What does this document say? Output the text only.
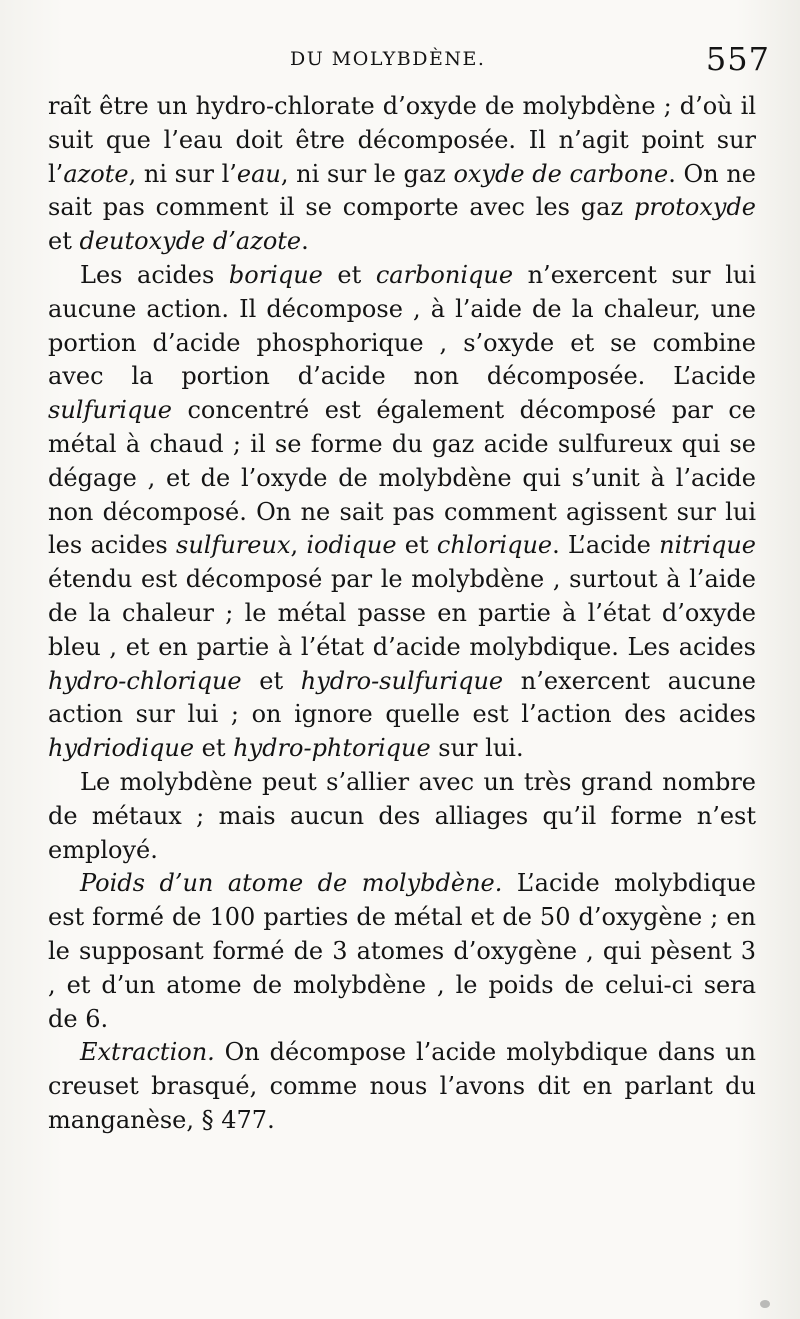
DU MOLYBDÈNE.	557

raît être un hydro-chlorate d’oxyde de molybdène ; d’où il suit que l’eau doit être décomposée. Il n’agit point sur l’azote, ni sur l’eau, ni sur le gaz oxyde de carbone. On ne sait pas comment il se comporte avec les gaz protoxyde et deutoxyde d’azote.

Les acides borique et carbonique n’exercent sur lui aucune action. Il décompose , à l’aide de la chaleur, une portion d’acide phosphorique , s’oxyde et se combine avec la portion d’acide non décomposée. L’acide sulfurique concentré est également décomposé par ce métal à chaud ; il se forme du gaz acide sulfureux qui se dégage , et de l’oxyde de molybdène qui s’unit à l’acide non décomposé. On ne sait pas comment agissent sur lui les acides sulfureux, iodique et chlorique. L’acide nitrique étendu est décomposé par le molybdène , surtout à l’aide de la chaleur ; le métal passe en partie à l’état d’oxyde bleu , et en partie à l’état d’acide molybdique. Les acides hydro-chlorique et hydro-sulfurique n’exercent aucune action sur lui ; on ignore quelle est l’action des acides hydriodique et hydro-phtorique sur lui.

Le molybdène peut s’allier avec un très grand nombre de métaux ; mais aucun des alliages qu’il forme n’est employé.

Poids d’un atome de molybdène. L’acide molybdique est formé de 100 parties de métal et de 50 d’oxygène ; en le supposant formé de 3 atomes d’oxygène , qui pèsent 3 , et d’un atome de molybdène , le poids de celui-ci sera de 6.

Extraction. On décompose l’acide molybdique dans un creuset brasqué, comme nous l’avons dit en parlant du manganèse, § 477.
